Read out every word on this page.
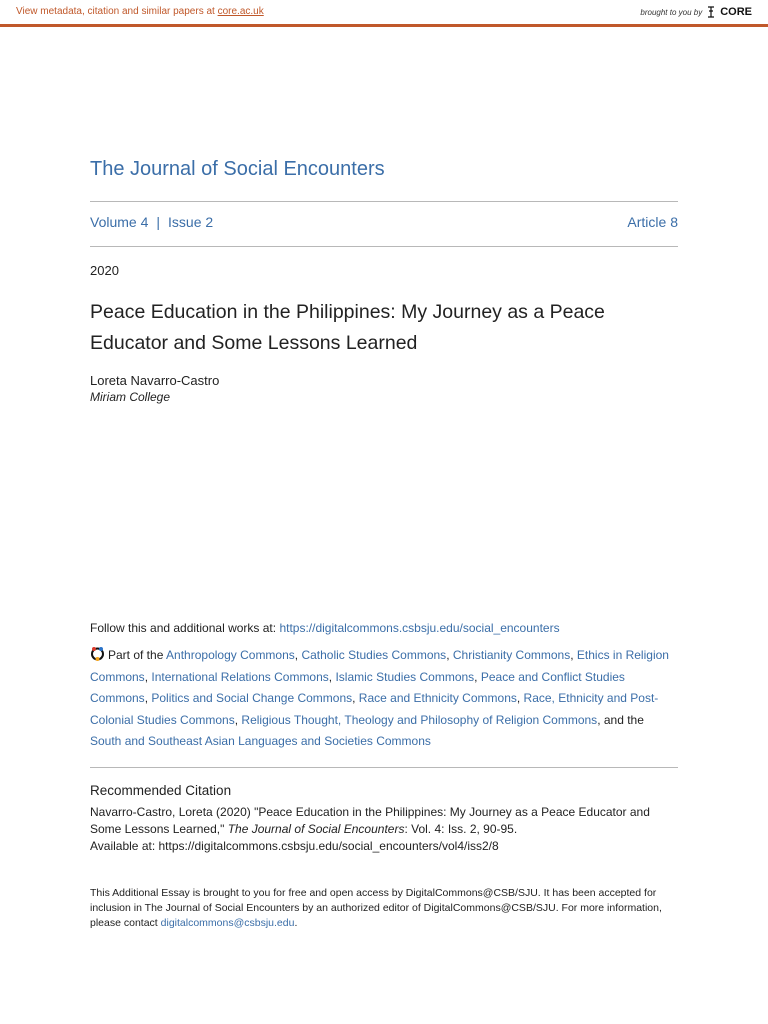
View metadata, citation and similar papers at core.ac.uk	brought to you by CORE
The Journal of Social Encounters
Volume 4 | Issue 2	Article 8
2020
Peace Education in the Philippines: My Journey as a Peace Educator and Some Lessons Learned
Loreta Navarro-Castro
Miriam College
Follow this and additional works at: https://digitalcommons.csbsju.edu/social_encounters
Part of the Anthropology Commons, Catholic Studies Commons, Christianity Commons, Ethics in Religion Commons, International Relations Commons, Islamic Studies Commons, Peace and Conflict Studies Commons, Politics and Social Change Commons, Race and Ethnicity Commons, Race, Ethnicity and Post-Colonial Studies Commons, Religious Thought, Theology and Philosophy of Religion Commons, and the South and Southeast Asian Languages and Societies Commons
Recommended Citation
Navarro-Castro, Loreta (2020) "Peace Education in the Philippines: My Journey as a Peace Educator and Some Lessons Learned," The Journal of Social Encounters: Vol. 4: Iss. 2, 90-95.
Available at: https://digitalcommons.csbsju.edu/social_encounters/vol4/iss2/8
This Additional Essay is brought to you for free and open access by DigitalCommons@CSB/SJU. It has been accepted for inclusion in The Journal of Social Encounters by an authorized editor of DigitalCommons@CSB/SJU. For more information, please contact digitalcommons@csbsju.edu.
